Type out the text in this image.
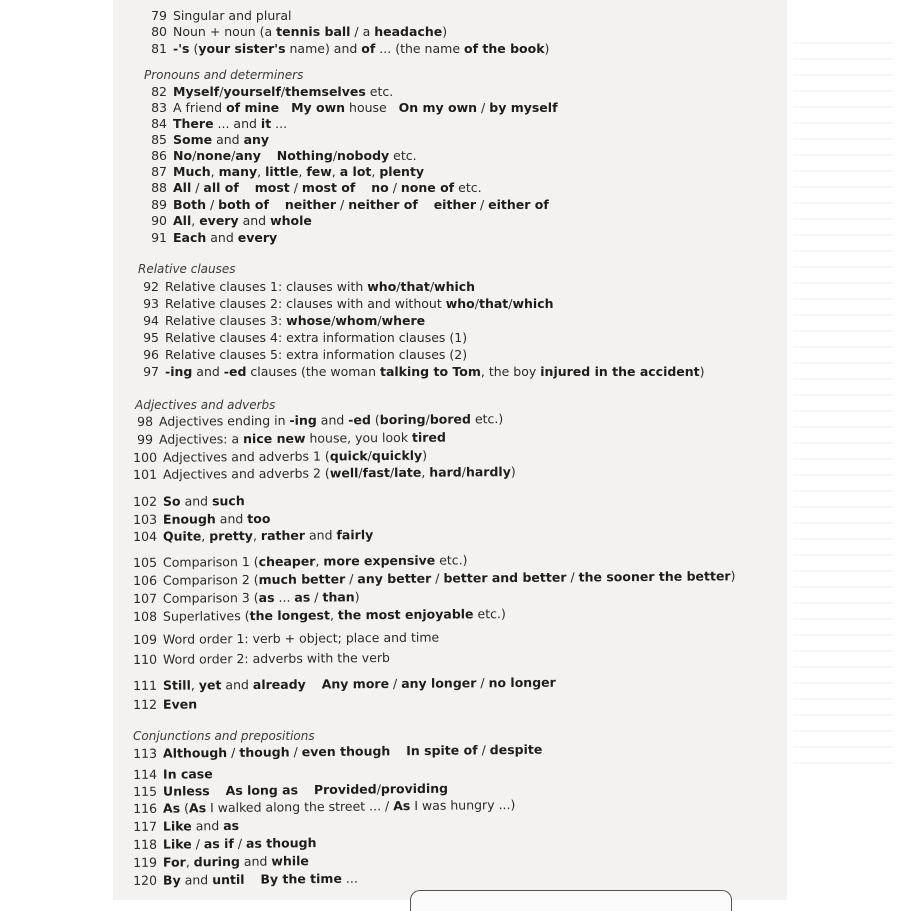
79 Singular and plural
80 Noun + noun (a tennis ball / a headache)
81 -'s (your sister's name) and of ... (the name of the book)
Pronouns and determiners
82 Myself/yourself/themselves etc.
83 A friend of mine My own house   On my own / by myself
84 There ... and it ...
85 Some and any
86 No/none/any Nothing/nobody etc.
87 Much, many, little, few, a lot, plenty
88 All / all of most / most of no / none of etc.
89 Both / both of neither / neither of either / either of
90 All, every and whole
91 Each and every
Relative clauses
92 Relative clauses 1: clauses with who/that/which
93 Relative clauses 2: clauses with and without who/that/which
94 Relative clauses 3: whose/whom/where
95 Relative clauses 4: extra information clauses (1)
96 Relative clauses 5: extra information clauses (2)
97 -ing and -ed clauses (the woman talking to Tom, the boy injured in the accident)
Adjectives and adverbs
98 Adjectives ending in -ing and -ed (boring/bored etc.)
99 Adjectives: a nice new house, you look tired
100 Adjectives and adverbs 1 (quick/quickly)
101 Adjectives and adverbs 2 (well/fast/late, hard/hardly)
102 So and such
103 Enough and too
104 Quite, pretty, rather and fairly
105 Comparison 1 (cheaper, more expensive etc.)
106 Comparison 2 (much better / any better / better and better / the sooner the better)
107 Comparison 3 (as ... as / than)
108 Superlatives (the longest, the most enjoyable etc.)
109 Word order 1: verb + object; place and time
110 Word order 2: adverbs with the verb
111 Still, yet and already Any more / any longer / no longer
112 Even
Conjunctions and prepositions
113 Although / though / even though In spite of / despite
114 In case
115 Unless As long as Provided/providing
116 As (As I walked along the street ... / As I was hungry ...)
117 Like and as
118 Like / as if / as though
119 For, during and while
120 By and until By the time ...
